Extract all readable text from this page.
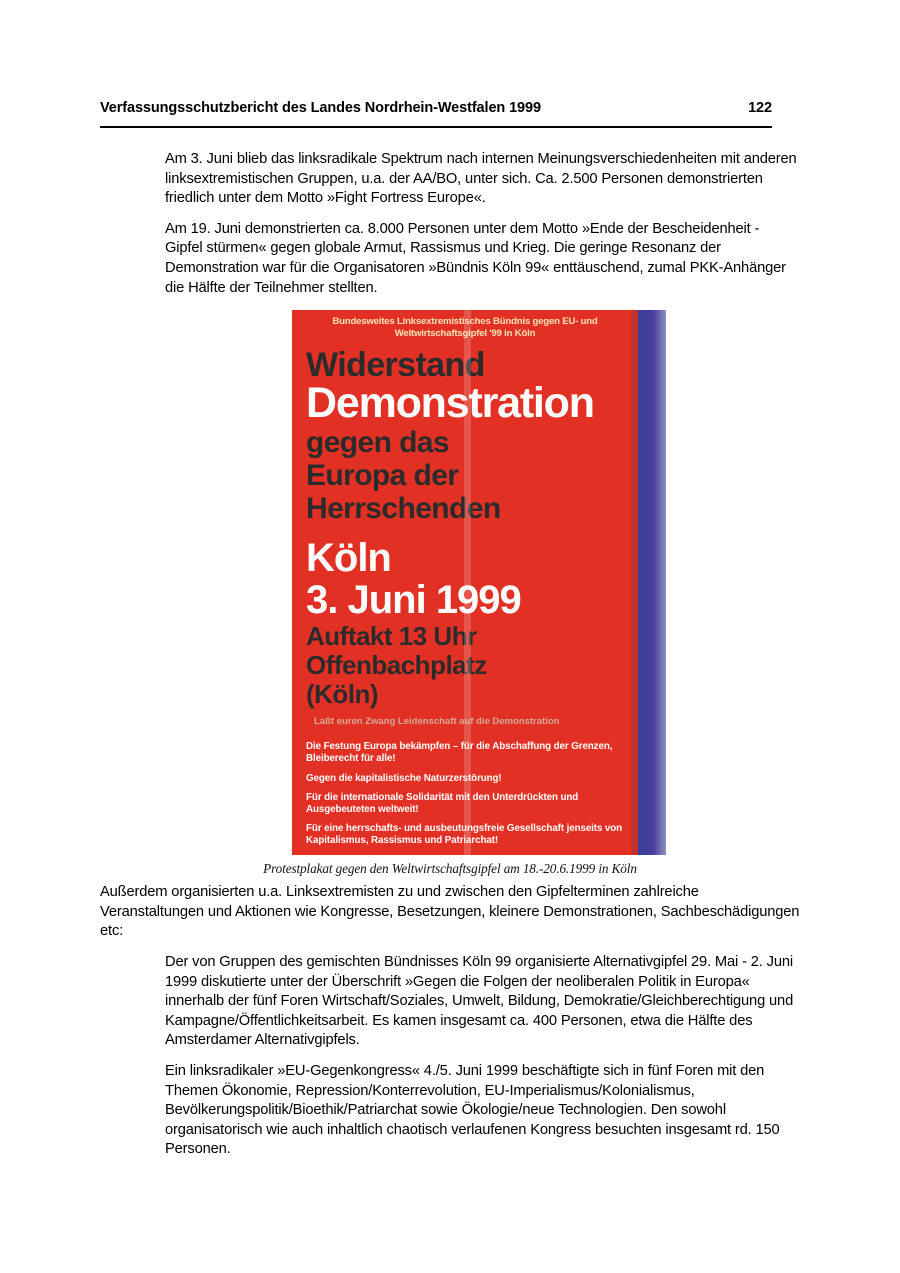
Verfassungsschutzbericht des Landes Nordrhein-Westfalen 1999	122

Am 3. Juni blieb das linksradikale Spektrum nach internen Meinungsverschiedenheiten mit anderen linksextremistischen Gruppen, u.a. der AA/BO, unter sich. Ca. 2.500 Personen demonstrierten friedlich unter dem Motto »Fight Fortress Europe«.

Am 19. Juni demonstrierten ca. 8.000 Personen unter dem Motto »Ende der Bescheidenheit - Gipfel stürmen« gegen globale Armut, Rassismus und Krieg. Die geringe Resonanz der Demonstration war für die Organisatoren »Bündnis Köln 99« enttäuschend, zumal PKK-Anhänger die Hälfte der Teilnehmer stellten.

Bundesweites Linksextremistisches Bündnis gegen EU- und Weltwirtschaftsgipfel '99 in Köln
Widerstand
Demonstration
gegen das
Europa der
Herrschenden
Köln
3. Juni 1999
Auftakt 13 Uhr
Offenbachplatz
(Köln) Laßt euren Zwang Leidenschaft auf die Demonstration
Die Festung Europa bekämpfen – für die Abschaffung der Grenzen, Bleiberecht für alle!
Gegen die kapitalistische Naturzerstörung!
Für die internationale Solidarität mit den Unterdrückten und Ausgebeuteten weltweit!
Für eine herrschafts- und ausbeutungsfreie Gesellschaft jenseits von Kapitalismus, Rassismus und Patriarchat!
Protestplakat gegen den Weltwirtschaftsgipfel am 18.-20.6.1999 in Köln

Außerdem organisierten u.a. Linksextremisten zu und zwischen den Gipfelterminen zahlreiche Veranstaltungen und Aktionen wie Kongresse, Besetzungen, kleinere Demonstrationen, Sachbeschädigungen etc:

Der von Gruppen des gemischten Bündnisses Köln 99 organisierte Alternativgipfel 29. Mai - 2. Juni 1999 diskutierte unter der Überschrift »Gegen die Folgen der neoliberalen Politik in Europa« innerhalb der fünf Foren Wirtschaft/Soziales, Umwelt, Bildung, Demokratie/Gleichberechtigung und Kampagne/Öffentlichkeitsarbeit. Es kamen insgesamt ca. 400 Personen, etwa die Hälfte des Amsterdamer Alternativgipfels.

Ein linksradikaler »EU-Gegenkongress« 4./5. Juni 1999 beschäftigte sich in fünf Foren mit den Themen Ökonomie, Repression/Konterrevolution, EU-Imperialismus/Kolonialismus, Bevölkerungspolitik/Bioethik/Patriarchat sowie Ökologie/neue Technologien. Den sowohl organisatorisch wie auch inhaltlich chaotisch verlaufenen Kongress besuchten insgesamt rd. 150 Personen.
